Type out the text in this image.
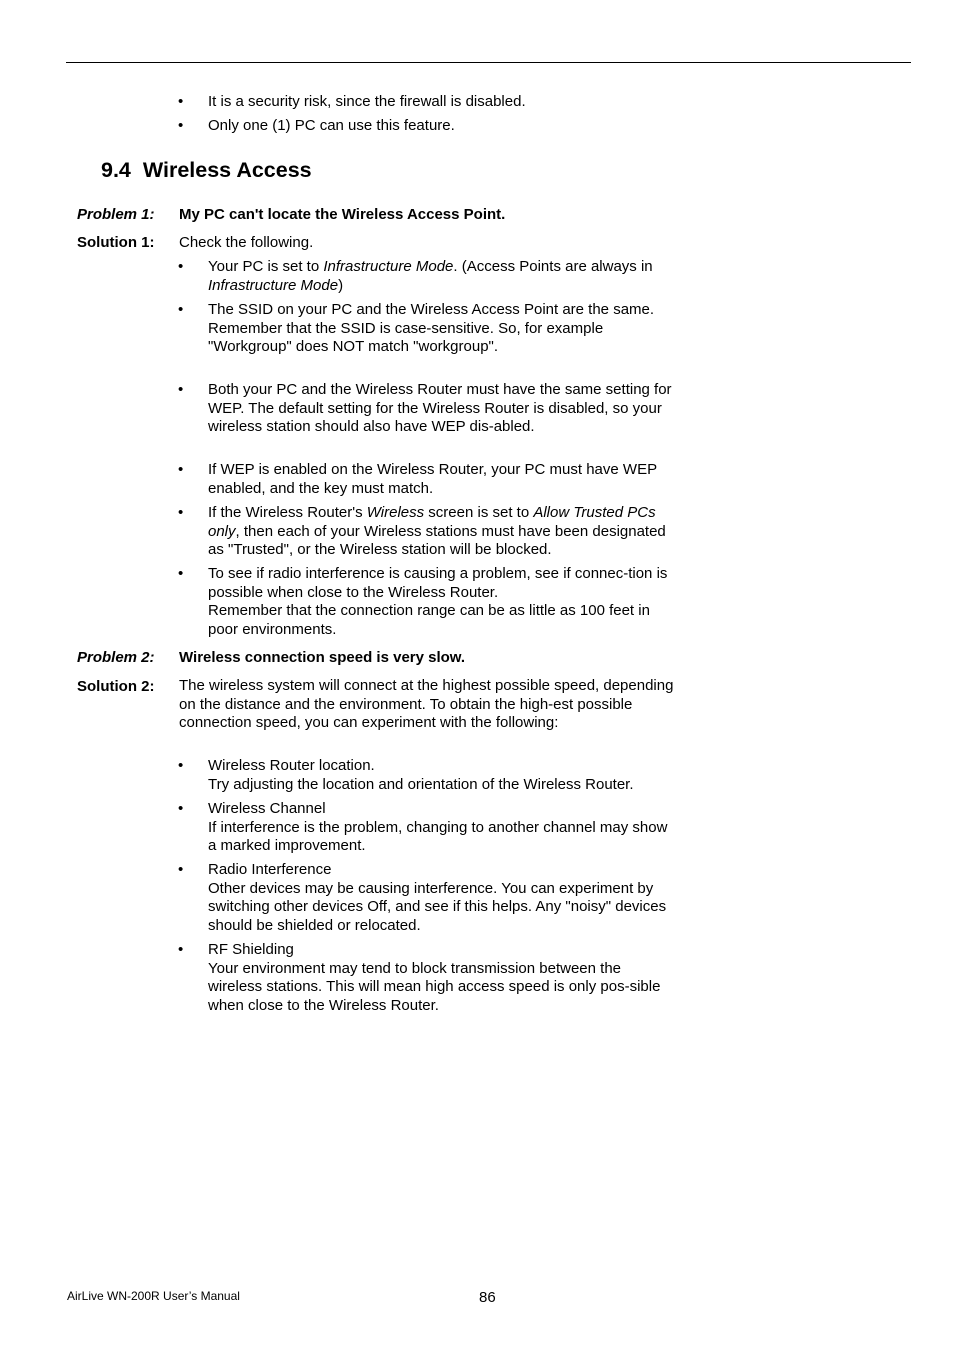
• It is a security risk, since the firewall is disabled.
• Only one (1) PC can use this feature.
9.4 Wireless Access
Problem 1: My PC can't locate the Wireless Access Point.
Solution 1: Check the following.
• Your PC is set to Infrastructure Mode. (Access Points are always in Infrastructure Mode)
• The SSID on your PC and the Wireless Access Point are the same.
Remember that the SSID is case-sensitive. So, for example "Workgroup" does NOT match "workgroup".
• Both your PC and the Wireless Router must have the same setting for WEP. The default setting for the Wireless Router is disabled, so your wireless station should also have WEP dis-abled.
• If WEP is enabled on the Wireless Router, your PC must have WEP enabled, and the key must match.
• If the Wireless Router's Wireless screen is set to Allow Trusted PCs only, then each of your Wireless stations must have been designated as "Trusted", or the Wireless station will be blocked.
• To see if radio interference is causing a problem, see if connec-tion is possible when close to the Wireless Router.
Remember that the connection range can be as little as 100 feet in poor environments.
Problem 2: Wireless connection speed is very slow.
Solution 2: The wireless system will connect at the highest possible speed, depending on the distance and the environment. To obtain the high-est possible connection speed, you can experiment with the following:
• Wireless Router location.
Try adjusting the location and orientation of the Wireless Router.
• Wireless Channel
If interference is the problem, changing to another channel may show a marked improvement.
• Radio Interference
Other devices may be causing interference. You can experiment by switching other devices Off, and see if this helps. Any "noisy" devices should be shielded or relocated.
• RF Shielding
Your environment may tend to block transmission between the wireless stations. This will mean high access speed is only pos-sible when close to the Wireless Router.
AirLive WN-200R User’s Manual	86
